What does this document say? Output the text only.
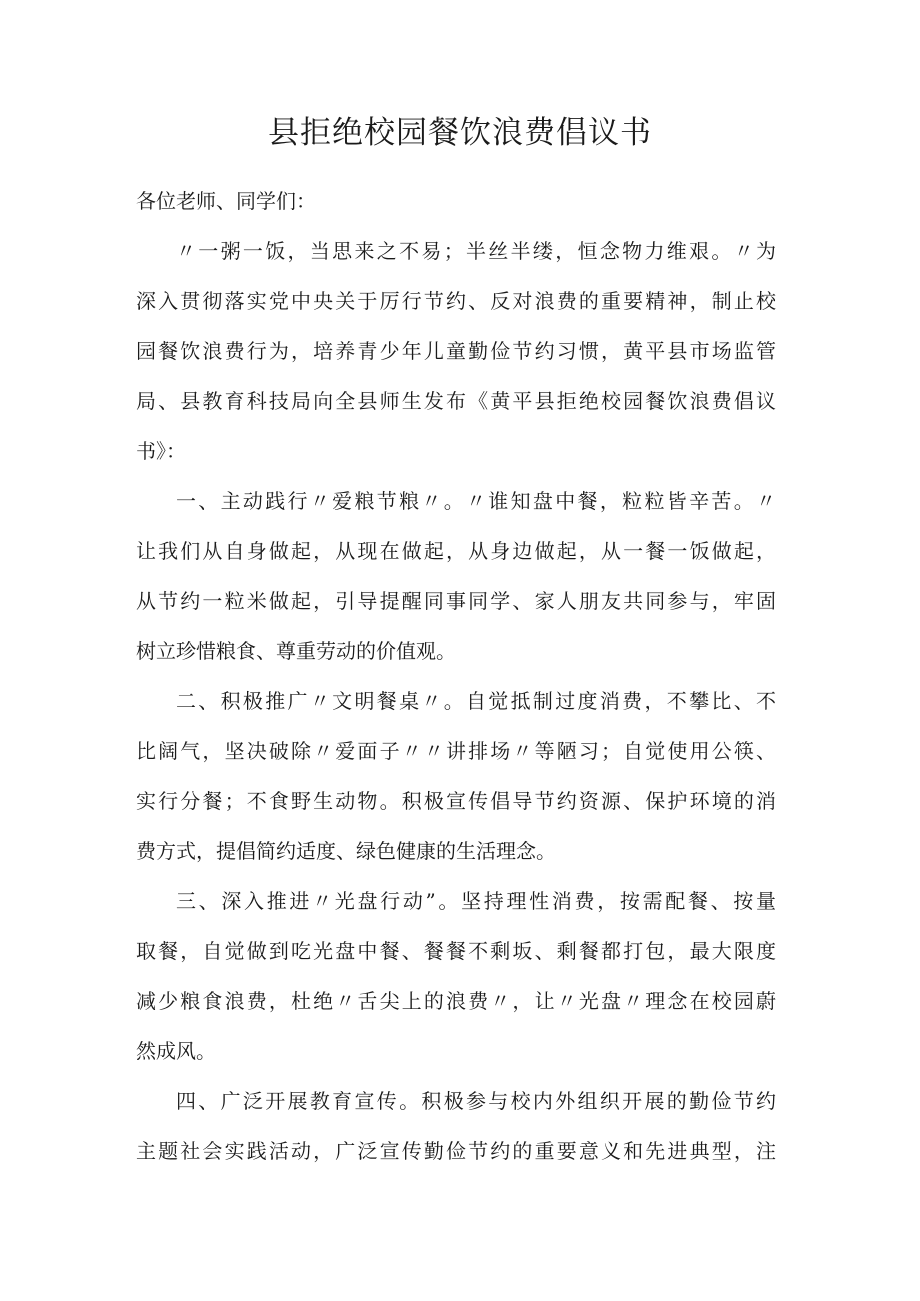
县拒绝校园餐饮浪费倡议书

各位老师、同学们：

〃一粥一饭，当思来之不易；半丝半缕，恒念物力维艰。〃为
深入贯彻落实党中央关于厉行节约、反对浪费的重要精神，制止校
园餐饮浪费行为，培养青少年儿童勤俭节约习惯，黄平县市场监管
局、县教育科技局向全县师生发布《黄平县拒绝校园餐饮浪费倡议
书》：
一、主动践行〃爱粮节粮〃。〃谁知盘中餐，粒粒皆辛苦。〃
让我们从自身做起，从现在做起，从身边做起，从一餐一饭做起，
从节约一粒米做起，引导提醒同事同学、家人朋友共同参与，牢固
树立珍惜粮食、尊重劳动的价值观。
二、积极推广〃文明餐桌〃。自觉抵制过度消费，不攀比、不
比阔气，坚决破除〃爱面子〃〃讲排场〃等陋习；自觉使用公筷、
实行分餐；不食野生动物。积极宣传倡导节约资源、保护环境的消
费方式，提倡简约适度、绿色健康的生活理念。
三、深入推进〃光盘行动”。坚持理性消费，按需配餐、按量
取餐，自觉做到吃光盘中餐、餐餐不剩坂、剩餐都打包，最大限度
减少粮食浪费，杜绝〃舌尖上的浪费〃，让〃光盘〃理念在校园蔚
然成风。
四、广泛开展教育宣传。积极参与校内外组织开展的勤俭节约
主题社会实践活动，广泛宣传勤俭节约的重要意义和先进典型，注
